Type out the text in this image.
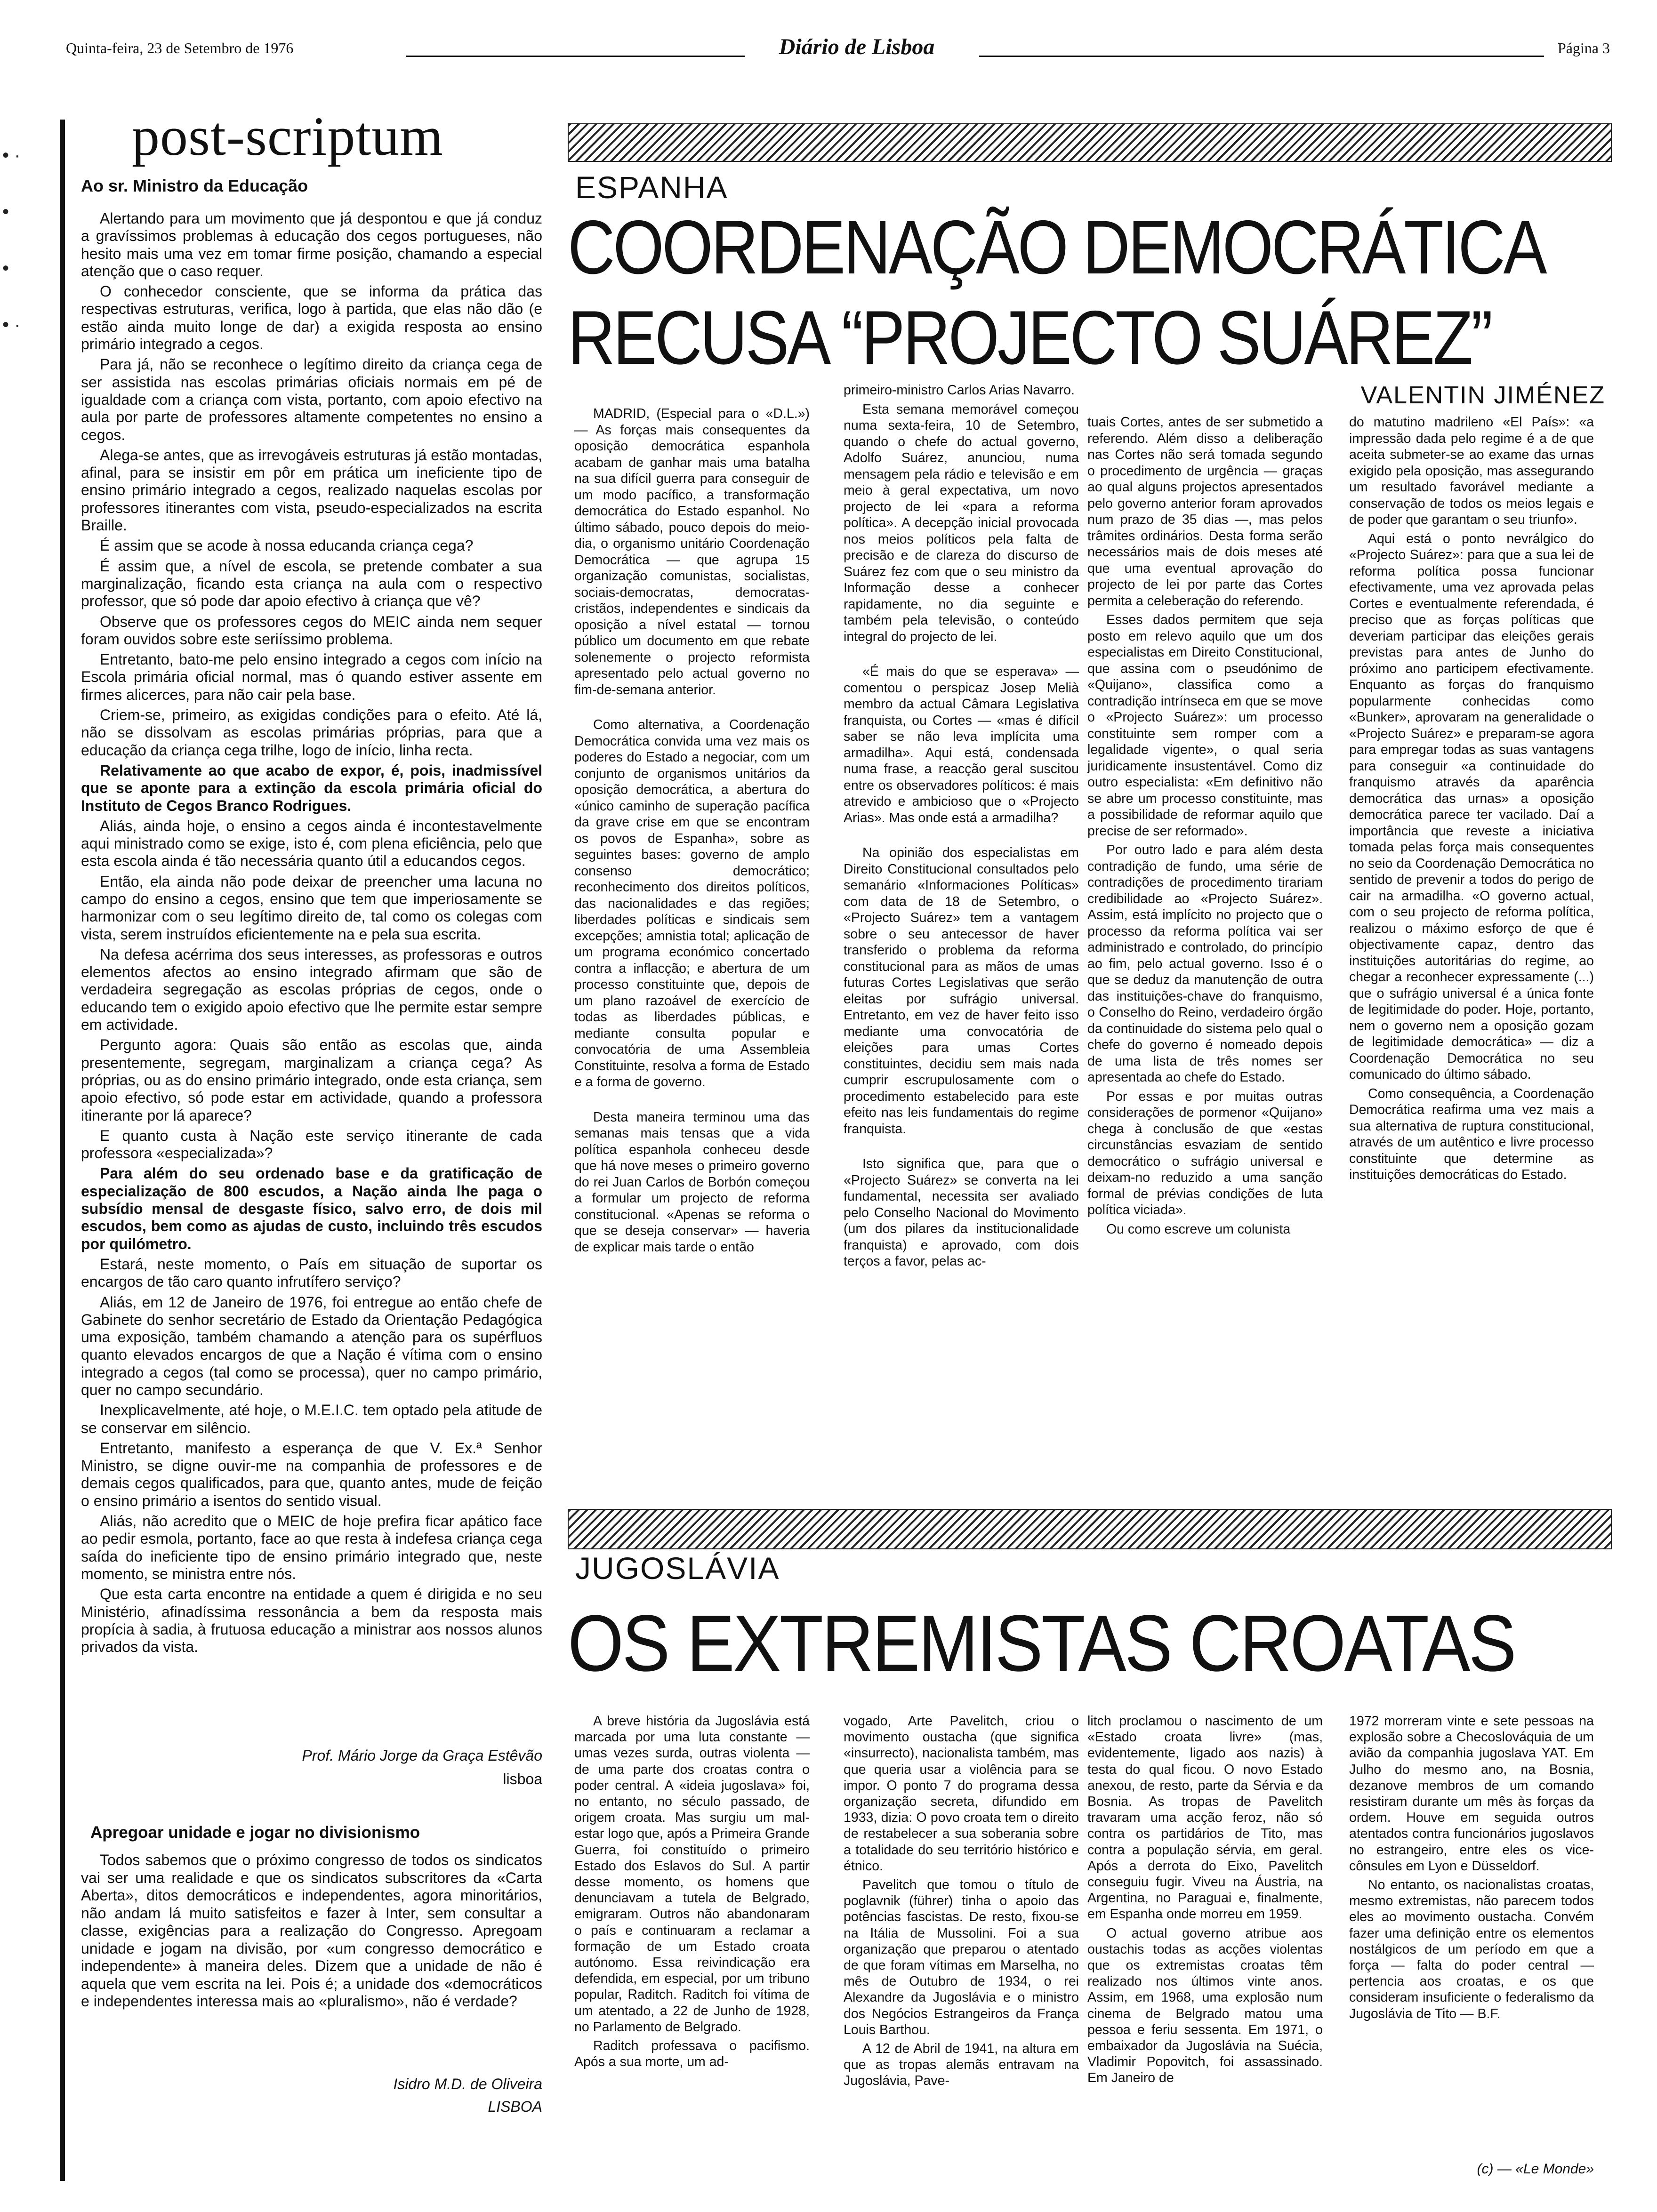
Quinta-feira, 23 de Setembro de 1976	Diário de Lisboa	Página 3
• ·
•
•
• ·
post-scriptum
Ao sr. Ministro da Educação

Alertando para um movimento que já despontou e que já conduz a gravíssimos problemas à educação dos cegos portugueses, não hesito mais uma vez em tomar firme posição, chamando a especial atenção que o caso requer.

O conhecedor consciente, que se informa da prática das respectivas estruturas, verifica, logo à partida, que elas não dão (e estão ainda muito longe de dar) a exigida resposta ao ensino primário integrado a cegos.

Para já, não se reconhece o legítimo direito da criança cega de ser assistida nas escolas primárias oficiais normais em pé de igualdade com a criança com vista, portanto, com apoio efectivo na aula por parte de professores altamente competentes no ensino a cegos.

Alega-se antes, que as irrevogáveis estruturas já estão montadas, afinal, para se insistir em pôr em prática um ineficiente tipo de ensino primário integrado a cegos, realizado naquelas escolas por professores itinerantes com vista, pseudo-especializados na escrita Braille.

É assim que se acode à nossa educanda criança cega?

É assim que, a nível de escola, se pretende combater a sua marginalização, ficando esta criança na aula com o respectivo professor, que só pode dar apoio efectivo à criança que vê?

Observe que os professores cegos do MEIC ainda nem sequer foram ouvidos sobre este seriíssimo problema.

Entretanto, bato-me pelo ensino integrado a cegos com início na Escola primária oficial normal, mas ó quando estiver assente em firmes alicerces, para não cair pela base.

Criem-se, primeiro, as exigidas condições para o efeito. Até lá, não se dissolvam as escolas primárias próprias, para que a educação da criança cega trilhe, logo de início, linha recta.

Relativamente ao que acabo de expor, é, pois, inadmissível que se aponte para a extinção da escola primária oficial do Instituto de Cegos Branco Rodrigues.

Aliás, ainda hoje, o ensino a cegos ainda é incontestavelmente aqui ministrado como se exige, isto é, com plena eficiência, pelo que esta escola ainda é tão necessária quanto útil a educandos cegos.

Então, ela ainda não pode deixar de preencher uma lacuna no campo do ensino a cegos, ensino que tem que imperiosamente se harmonizar com o seu legítimo direito de, tal como os colegas com vista, serem instruídos eficientemente na e pela sua escrita.

Na defesa acérrima dos seus interesses, as professoras e outros elementos afectos ao ensino integrado afirmam que são de verdadeira segregação as escolas próprias de cegos, onde o educando tem o exigido apoio efectivo que lhe permite estar sempre em actividade.

Pergunto agora: Quais são então as escolas que, ainda presentemente, segregam, marginalizam a criança cega? As próprias, ou as do ensino primário integrado, onde esta criança, sem apoio efectivo, só pode estar em actividade, quando a professora itinerante por lá aparece?

E quanto custa à Nação este serviço itinerante de cada professora «especializada»?

Para além do seu ordenado base e da gratificação de especialização de 800 escudos, a Nação ainda lhe paga o subsídio mensal de desgaste físico, salvo erro, de dois mil escudos, bem como as ajudas de custo, incluindo três escudos por quilómetro.

Estará, neste momento, o País em situação de suportar os encargos de tão caro quanto infrutífero serviço?

Aliás, em 12 de Janeiro de 1976, foi entregue ao então chefe de Gabinete do senhor secretário de Estado da Orientação Pedagógica uma exposição, também chamando a atenção para os supérfluos quanto elevados encargos de que a Nação é vítima com o ensino integrado a cegos (tal como se processa), quer no campo primário, quer no campo secundário.

Inexplicavelmente, até hoje, o M.E.I.C. tem optado pela atitude de se conservar em silêncio.

Entretanto, manifesto a esperança de que V. Ex.ª Senhor Ministro, se digne ouvir-me na companhia de professores e de demais cegos qualificados, para que, quanto antes, mude de feição o ensino primário a isentos do sentido visual.

Aliás, não acredito que o MEIC de hoje prefira ficar apático face ao pedir esmola, portanto, face ao que resta à indefesa criança cega saída do ineficiente tipo de ensino primário integrado que, neste momento, se ministra entre nós.

Que esta carta encontre na entidade a quem é dirigida e no seu Ministério, afinadíssima ressonância a bem da resposta mais propícia à sadia, à frutuosa educação a ministrar aos nossos alunos privados da vista.

Prof. Mário Jorge da Graça Estêvão
lisboa
Apregoar unidade e jogar no divisionismo

Todos sabemos que o próximo congresso de todos os sindicatos vai ser uma realidade e que os sindicatos subscritores da «Carta Aberta», ditos democráticos e independentes, agora minoritários, não andam lá muito satisfeitos e fazer à Inter, sem consultar a classe, exigências para a realização do Congresso. Apregoam unidade e jogam na divisão, por «um congresso democrático e independente» à maneira deles. Dizem que a unidade de não é aquela que vem escrita na lei. Pois é; a unidade dos «democráticos e independentes interessa mais ao «pluralismo», não é verdade?

Isidro M.D. de Oliveira
LISBOA
ESPANHA
COORDENAÇÃO DEMOCRÁTICA
RECUSA “PROJECTO SUÁREZ”
VALENTIN JIMÉNEZ

MADRID, (Especial para o «D.L.») — As forças mais consequentes da oposição democrática espanhola acabam de ganhar mais uma batalha na sua difícil guerra para conseguir de um modo pacífico, a transformação democrática do Estado espanhol. No último sábado, pouco depois do meio-dia, o organismo unitário Coordenação Democrática — que agrupa 15 organização comunistas, socialistas, sociais-democratas, democratas-cristãos, independentes e sindicais da oposição a nível estatal — tornou público um documento em que rebate solenemente o projecto reformista apresentado pelo actual governo no fim-de-semana anterior.

Como alternativa, a Coordenação Democrática convida uma vez mais os poderes do Estado a negociar, com um conjunto de organismos unitários da oposição democrática, a abertura do «único caminho de superação pacífica da grave crise em que se encontram os povos de Espanha», sobre as seguintes bases: governo de amplo consenso democrático; reconhecimento dos direitos políticos, das nacionalidades e das regiões; liberdades políticas e sindicais sem excepções; amnistia total; aplicação de um programa económico concertado contra a inflacção; e abertura de um processo constituinte que, depois de um plano razoável de exercício de todas as liberdades públicas, e mediante consulta popular e convocatória de uma Assembleia Constituinte, resolva a forma de Estado e a forma de governo.

Desta maneira terminou uma das semanas mais tensas que a vida política espanhola conheceu desde que há nove meses o primeiro governo do rei Juan Carlos de Borbón começou a formular um projecto de reforma constitucional. «Apenas se reforma o que se deseja conservar» — haveria de explicar mais tarde o então

primeiro-ministro Carlos Arias Navarro.

Esta semana memorável começou numa sexta-feira, 10 de Setembro, quando o chefe do actual governo, Adolfo Suárez, anunciou, numa mensagem pela rádio e televisão e em meio à geral expectativa, um novo projecto de lei «para a reforma política». A decepção inicial provocada nos meios políticos pela falta de precisão e de clareza do discurso de Suárez fez com que o seu ministro da Informação desse a conhecer rapidamente, no dia seguinte e também pela televisão, o conteúdo integral do projecto de lei.

«É mais do que se esperava» — comentou o perspicaz Josep Melià membro da actual Câmara Legislativa franquista, ou Cortes — «mas é difícil saber se não leva implícita uma armadilha». Aqui está, condensada numa frase, a reacção geral suscitou entre os observadores políticos: é mais atrevido e ambicioso que o «Projecto Arias». Mas onde está a armadilha?

Na opinião dos especialistas em Direito Constitucional consultados pelo semanário «Informaciones Políticas» com data de 18 de Setembro, o «Projecto Suárez» tem a vantagem sobre o seu antecessor de haver transferido o problema da reforma constitucional para as mãos de umas futuras Cortes Legislativas que serão eleitas por sufrágio universal. Entretanto, em vez de haver feito isso mediante uma convocatória de eleições para umas Cortes constituintes, decidiu sem mais nada cumprir escrupulosamente com o procedimento estabelecido para este efeito nas leis fundamentais do regime franquista.

Isto significa que, para que o «Projecto Suárez» se converta na lei fundamental, necessita ser avaliado pelo Conselho Nacional do Movimento (um dos pilares da institucionalidade franquista) e aprovado, com dois terços a favor, pelas ac-

tuais Cortes, antes de ser submetido a referendo. Além disso a deliberação nas Cortes não será tomada segundo o procedimento de urgência — graças ao qual alguns projectos apresentados pelo governo anterior foram aprovados num prazo de 35 dias —, mas pelos trâmites ordinários. Desta forma serão necessários mais de dois meses até que uma eventual aprovação do projecto de lei por parte das Cortes permita a celeberação do referendo.

Esses dados permitem que seja posto em relevo aquilo que um dos especialistas em Direito Constitucional, que assina com o pseudónimo de «Quijano», classifica como a contradição intrínseca em que se move o «Projecto Suárez»: um processo constituinte sem romper com a legalidade vigente», o qual seria juridicamente insustentável. Como diz outro especialista: «Em definitivo não se abre um processo constituinte, mas a possibilidade de reformar aquilo que precise de ser reformado».

Por outro lado e para além desta contradição de fundo, uma série de contradições de procedimento tirariam credibilidade ao «Projecto Suárez». Assim, está implícito no projecto que o processo da reforma política vai ser administrado e controlado, do princípio ao fim, pelo actual governo. Isso é o que se deduz da manutenção de outra das instituições-chave do franquismo, o Conselho do Reino, verdadeiro órgão da continuidade do sistema pelo qual o chefe do governo é nomeado depois de uma lista de três nomes ser apresentada ao chefe do Estado.

Por essas e por muitas outras considerações de pormenor «Quijano» chega à conclusão de que «estas circunstâncias esvaziam de sentido democrático o sufrágio universal e deixam-no reduzido a uma sanção formal de prévias condições de luta política viciada».

Ou como escreve um colunista

do matutino madrileno «El País»: «a impressão dada pelo regime é a de que aceita submeter-se ao exame das urnas exigido pela oposição, mas assegurando um resultado favorável mediante a conservação de todos os meios legais e de poder que garantam o seu triunfo».

Aqui está o ponto nevrálgico do «Projecto Suárez»: para que a sua lei de reforma política possa funcionar efectivamente, uma vez aprovada pelas Cortes e eventualmente referendada, é preciso que as forças políticas que deveriam participar das eleições gerais previstas para antes de Junho do próximo ano participem efectivamente. Enquanto as forças do franquismo popularmente conhecidas como «Bunker», aprovaram na generalidade o «Projecto Suárez» e preparam-se agora para empregar todas as suas vantagens para conseguir «a continuidade do franquismo através da aparência democrática das urnas» a oposição democrática parece ter vacilado. Daí a importância que reveste a iniciativa tomada pelas força mais consequentes no seio da Coordenação Democrática no sentido de prevenir a todos do perigo de cair na armadilha. «O governo actual, com o seu projecto de reforma política, realizou o máximo esforço de que é objectivamente capaz, dentro das instituições autoritárias do regime, ao chegar a reconhecer expressamente (...) que o sufrágio universal é a única fonte de legitimidade do poder. Hoje, portanto, nem o governo nem a oposição gozam de legitimidade democrática» — diz a Coordenação Democrática no seu comunicado do último sábado.

Como consequência, a Coordenação Democrática reafirma uma vez mais a sua alternativa de ruptura constitucional, através de um autêntico e livre processo constituinte que determine as instituições democráticas do Estado.

JUGOSLÁVIA
OS EXTREMISTAS CROATAS

A breve história da Jugoslávia está marcada por uma luta constante — umas vezes surda, outras violenta — de uma parte dos croatas contra o poder central. A «ideia jugoslava» foi, no entanto, no século passado, de origem croata. Mas surgiu um mal-estar logo que, após a Primeira Grande Guerra, foi constituído o primeiro Estado dos Eslavos do Sul. A partir desse momento, os homens que denunciavam a tutela de Belgrado, emigraram. Outros não abandonaram o país e continuaram a reclamar a formação de um Estado croata autónomo. Essa reivindicação era defendida, em especial, por um tribuno popular, Raditch. Raditch foi vítima de um atentado, a 22 de Junho de 1928, no Parlamento de Belgrado.

Raditch professava o pacifismo. Após a sua morte, um ad-

vogado, Arte Pavelitch, criou o movimento oustacha (que significa «insurrecto), nacionalista também, mas que queria usar a violência para se impor. O ponto 7 do programa dessa organização secreta, difundido em 1933, dizia: O povo croata tem o direito de restabelecer a sua soberania sobre a totalidade do seu território histórico e étnico.

Pavelitch que tomou o título de poglavnik (führer) tinha o apoio das potências fascistas. De resto, fixou-se na Itália de Mussolini. Foi a sua organização que preparou o atentado de que foram vítimas em Marselha, no mês de Outubro de 1934, o rei Alexandre da Jugoslávia e o ministro dos Negócios Estrangeiros da França Louis Barthou.

A 12 de Abril de 1941, na altura em que as tropas alemãs entravam na Jugoslávia, Pave-

litch proclamou o nascimento de um «Estado croata livre» (mas, evidentemente, ligado aos nazis) à testa do qual ficou. O novo Estado anexou, de resto, parte da Sérvia e da Bosnia. As tropas de Pavelitch travaram uma acção feroz, não só contra os partidários de Tito, mas contra a população sérvia, em geral. Após a derrota do Eixo, Pavelitch conseguiu fugir. Viveu na Áustria, na Argentina, no Paraguai e, finalmente, em Espanha onde morreu em 1959.

O actual governo atribue aos oustachis todas as acções violentas que os extremistas croatas têm realizado nos últimos vinte anos. Assim, em 1968, uma explosão num cinema de Belgrado matou uma pessoa e feriu sessenta. Em 1971, o embaixador da Jugoslávia na Suécia, Vladimir Popovitch, foi assassinado. Em Janeiro de

1972 morreram vinte e sete pessoas na explosão sobre a Checoslováquia de um avião da companhia jugoslava YAT. Em Julho do mesmo ano, na Bosnia, dezanove membros de um comando resistiram durante um mês às forças da ordem. Houve em seguida outros atentados contra funcionários jugoslavos no estrangeiro, entre eles os vice-cônsules em Lyon e Düsseldorf.

No entanto, os nacionalistas croatas, mesmo extremistas, não parecem todos eles ao movimento oustacha. Convém fazer uma definição entre os elementos nostálgicos de um período em que a força — falta do poder central — pertencia aos croatas, e os que consideram insuficiente o federalismo da Jugoslávia de Tito — B.F.

(c) — «Le Monde»
